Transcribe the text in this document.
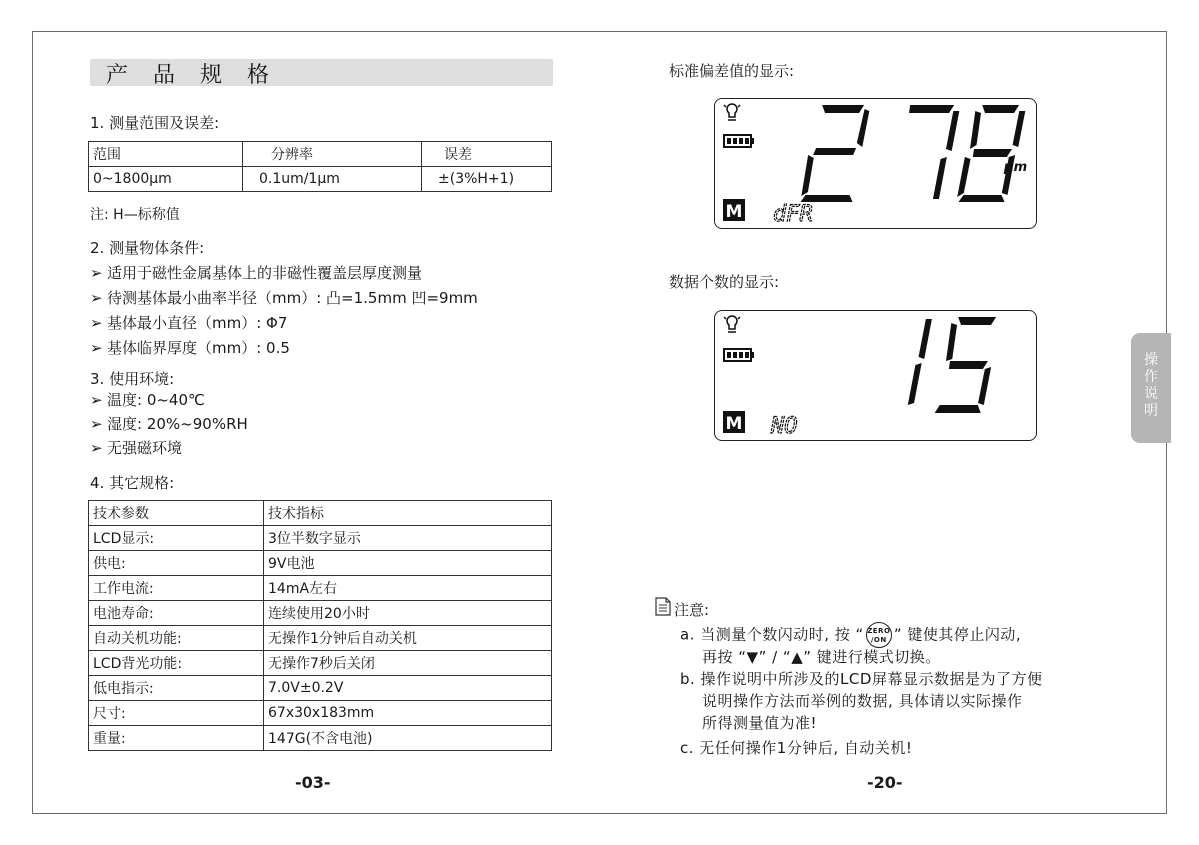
产 品 规 格
1. 测量范围及误差:
范围	分辨率	误差
0~1800μm	0.1um/1μm	±(3%H+1)
注: H—标称值
2. 测量物体条件:
➢ 适用于磁性金属基体上的非磁性覆盖层厚度测量
➢ 待测基体最小曲率半径（mm）: 凸=1.5mm 凹=9mm
➢ 基体最小直径（mm）: Φ7
➢ 基体临界厚度（mm）: 0.5
3. 使用环境:
➢ 温度: 0~40℃
➢ 湿度: 20%~90%RH
➢ 无强磁环境
4. 其它规格:
技术参数	技术指标
LCD显示:	3位半数字显示
供电:	9V电池
工作电流:	14mA左右
电池寿命:	连续使用20小时
自动关机功能:	无操作1分钟后自动关机
LCD背光功能:	无操作7秒后关闭
低电指示:	7.0V±0.2V
尺寸:	67x30x183mm
重量:	147G(不含电池)
-03-
标准偏差值的显示:
μm
M dFR
数据个数的显示:
M NO
注意:
a. 当测量个数闪动时, 按 “ ZERO
/ON ” 键使其停止闪动,
再按 “▼” / “▲” 键进行模式切换。
b. 操作说明中所涉及的LCD屏幕显示数据是为了方便
说明操作方法而举例的数据, 具体请以实际操作
所得测量值为准!
c. 无任何操作1分钟后, 自动关机!
-20-
操作说明
